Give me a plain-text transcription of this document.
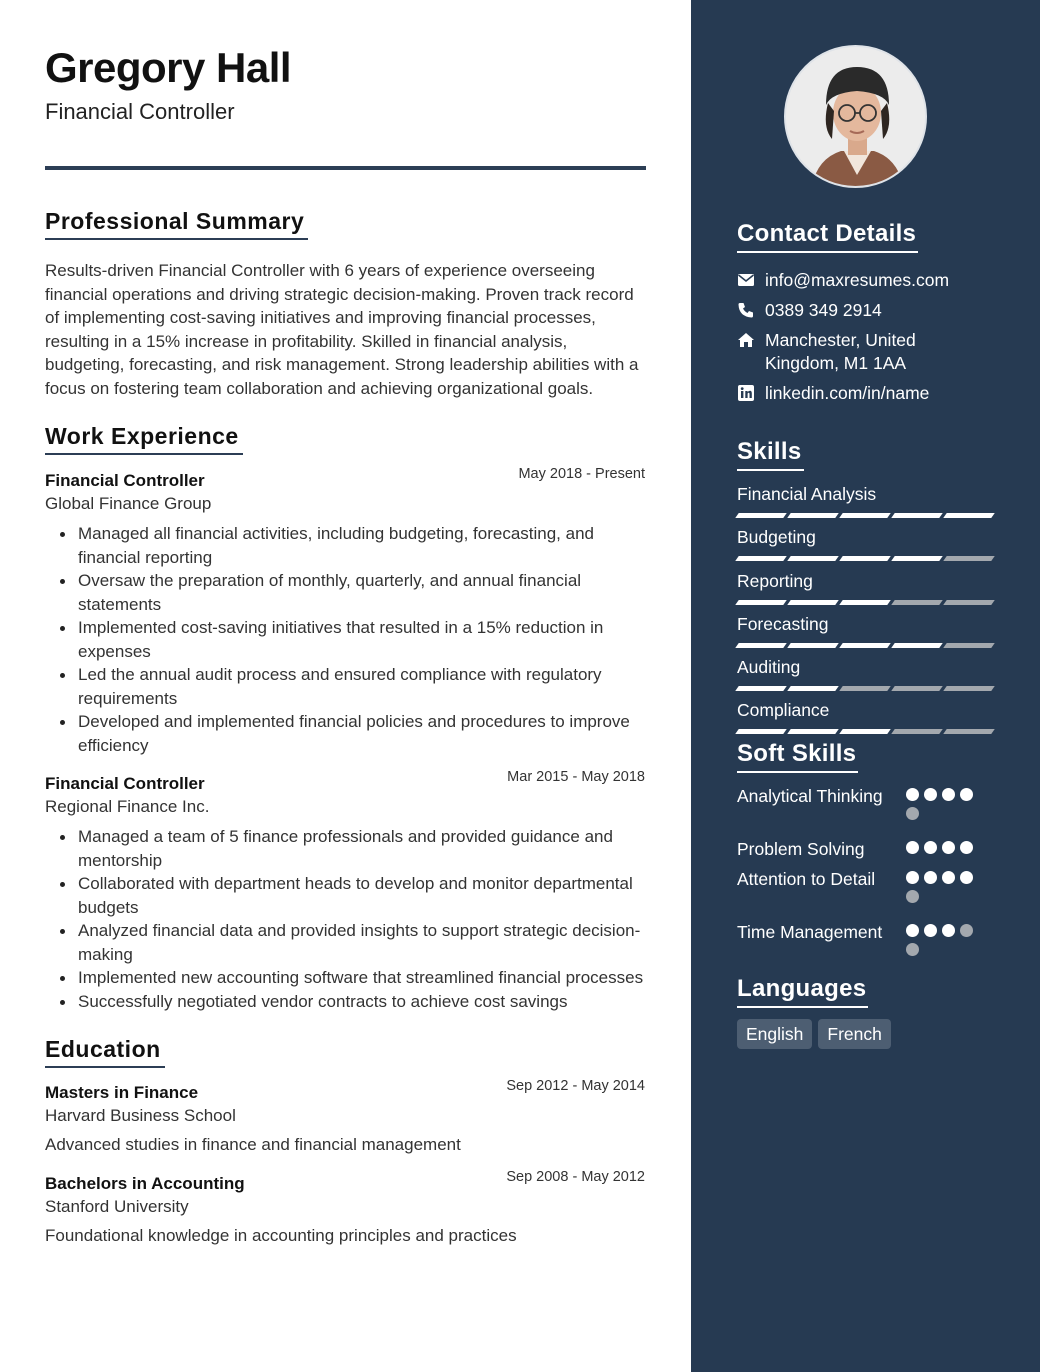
Gregory Hall
Financial Controller
Professional Summary
Results-driven Financial Controller with 6 years of experience overseeing financial operations and driving strategic decision-making. Proven track record of implementing cost-saving initiatives and improving financial processes, resulting in a 15% increase in profitability. Skilled in financial analysis, budgeting, forecasting, and risk management. Strong leadership abilities with a focus on fostering team collaboration and achieving organizational goals.
Work Experience
Financial Controller	May 2018 - Present
Global Finance Group
Managed all financial activities, including budgeting, forecasting, and financial reporting
Oversaw the preparation of monthly, quarterly, and annual financial statements
Implemented cost-saving initiatives that resulted in a 15% reduction in expenses
Led the annual audit process and ensured compliance with regulatory requirements
Developed and implemented financial policies and procedures to improve efficiency
Financial Controller	Mar 2015 - May 2018
Regional Finance Inc.
Managed a team of 5 finance professionals and provided guidance and mentorship
Collaborated with department heads to develop and monitor departmental budgets
Analyzed financial data and provided insights to support strategic decision-making
Implemented new accounting software that streamlined financial processes
Successfully negotiated vendor contracts to achieve cost savings
Education
Masters in Finance	Sep 2012 - May 2014
Harvard Business School
Advanced studies in finance and financial management
Bachelors in Accounting	Sep 2008 - May 2012
Stanford University
Foundational knowledge in accounting principles and practices
Contact Details
info@maxresumes.com
0389 349 2914
Manchester, United Kingdom, M1 1AA
linkedin.com/in/name
Skills
Financial Analysis
Budgeting
Reporting
Forecasting
Auditing
Compliance
Soft Skills
Analytical Thinking
Problem Solving
Attention to Detail
Time Management
Languages
English	French
